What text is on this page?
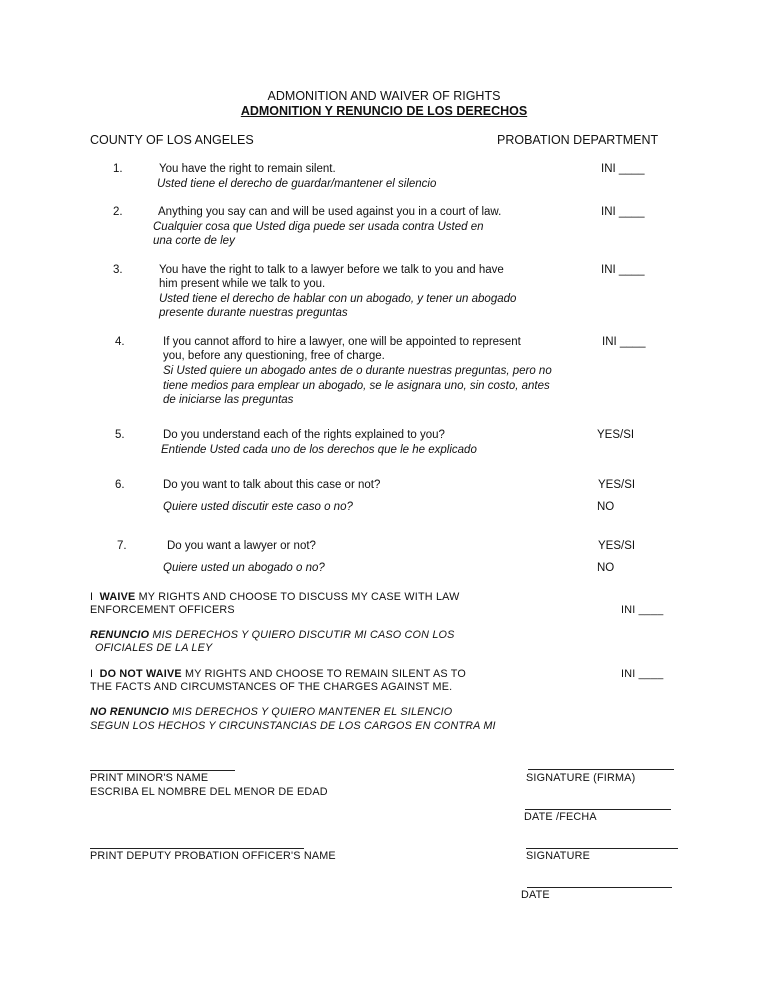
ADMONITION AND WAIVER OF RIGHTS
ADMONITION Y RENUNCIO DE LOS DERECHOS
COUNTY OF LOS ANGELES	PROBATION DEPARTMENT
1.	You have the right to remain silent.
Usted tiene el derecho de guardar/mantener el silencio
INI ____
2.	Anything you say can and will be used against you in a court of law.
Cualquier cosa que Usted diga puede ser usada contra Usted en
una corte de ley
INI ____
3.	You have the right to talk to a lawyer before we talk to you and have
him present while we talk to you.
Usted tiene el derecho de hablar con un abogado, y tener un abogado
presente durante nuestras preguntas
INI ____
4.	If you cannot afford to hire a lawyer, one will be appointed to represent
you, before any questioning, free of charge.
Si Usted quiere un abogado antes de o durante nuestras preguntas, pero no
tiene medios para emplear un abogado, se le asignara uno, sin costo, antes
de iniciarse las preguntas
INI ____
5.	Do you understand each of the rights explained to you?
Entiende Usted cada uno de los derechos que le he explicado
YES/SI
6.	Do you want to talk about this case or not?
Quiere usted discutir este caso o no?
YES/SI
NO
7.	Do you want a lawyer or not?
Quiere usted un abogado o no?
YES/SI
NO
I WAIVE MY RIGHTS AND CHOOSE TO DISCUSS MY CASE WITH LAW
ENFORCEMENT OFFICERS	INI ____
RENUNCIO MIS DERECHOS Y QUIERO DISCUTIR MI CASO CON LOS
OFICIALES DE LA LEY
I DO NOT WAIVE MY RIGHTS AND CHOOSE TO REMAIN SILENT AS TO
THE FACTS AND CIRCUMSTANCES OF THE CHARGES AGAINST ME.
INI ____
NO RENUNCIO MIS DERECHOS Y QUIERO MANTENER EL SILENCIO
SEGUN LOS HECHOS Y CIRCUNSTANCIAS DE LOS CARGOS EN CONTRA MI
PRINT MINOR'S NAME
ESCRIBA EL NOMBRE DEL MENOR DE EDAD
SIGNATURE (FIRMA)
DATE /FECHA
PRINT DEPUTY PROBATION OFFICER'S NAME	SIGNATURE
DATE
